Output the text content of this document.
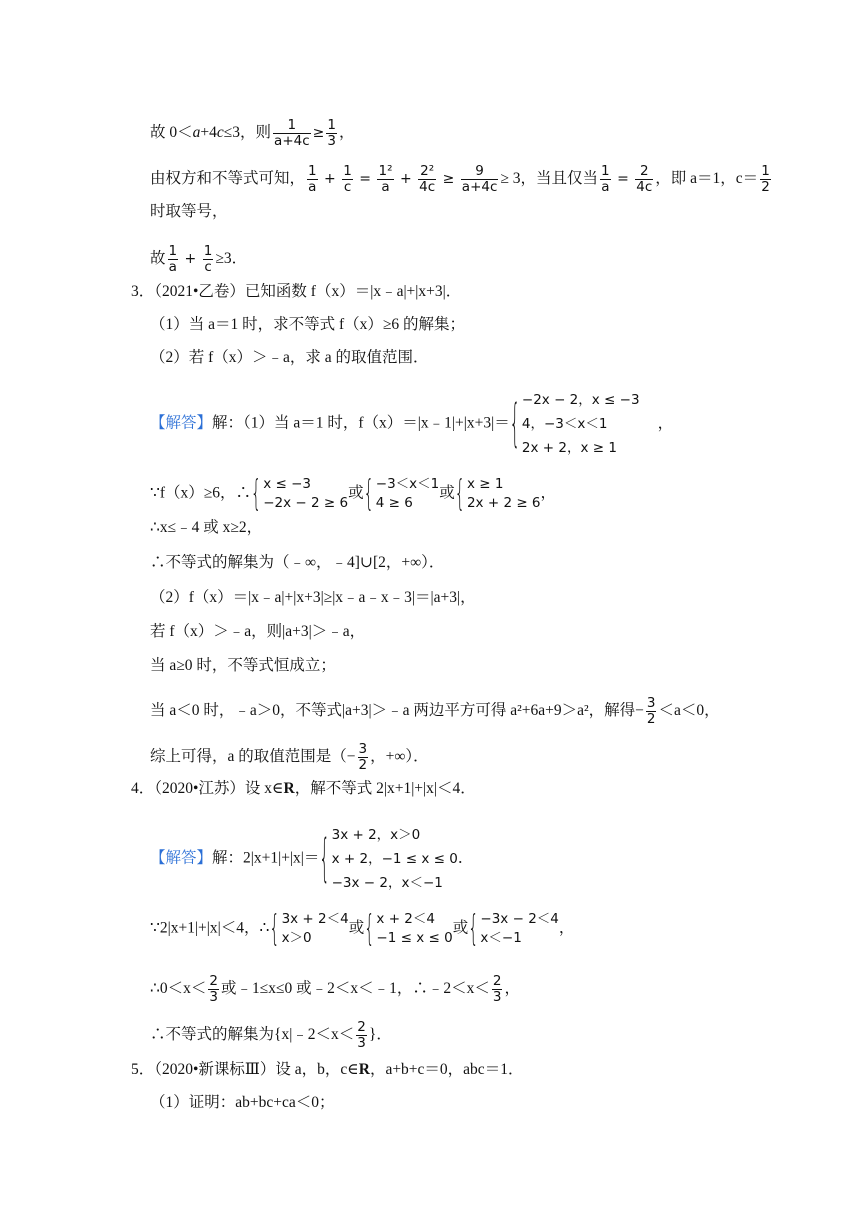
故 0＜a+4c≤3，则 $\frac{1}{a+4c} \ge \frac{1}{3}$ ，
由权方和不等式可知， $\frac{1}{a} + \frac{1}{c} = \frac{\text{1²}}{a} + \frac{\text{2²}}{4c} \ge \frac{9}{a+4c} \ge 3$，当且仅当 $\frac{1}{a} = \frac{2}{4c}$ ，即 a＝1，$c= \frac{1}{2}$
时取等号，
故 $\frac{1}{a} + \frac{1}{c} \ge 3$．
3．（2021•乙卷）已知函数 f（x）＝|x﹣a|+|x+3|．
（1）当 a＝1 时，求不等式 f（x）≥6 的解集；
（2）若 f（x）＞﹣a，求 a 的取值范围．
【解答】解：（1）当 a＝1 时，f（x）＝|x﹣1|+|x+3|＝{ −2x − 2，x ≤ −3
4，−3＜x＜1
2x + 2，x ≥ 1
，
∵f（x）≥6，∴{ x ≤ −3
−2x − 2 ≥ 6
或{ −3＜x＜1
4 ≥ 6
或{ x ≥ 1
2x + 2 ≥ 6
，
∴x≤﹣4 或 x≥2，
∴不等式的解集为（﹣∞，﹣4]∪[2，+∞）．
（2）f（x）＝|x﹣a|+|x+3|≥|x﹣a﹣x﹣3|＝|a+3|，
若 f（x）＞﹣a，则|a+3|＞﹣a，
当 a≥0 时，不等式恒成立；
当 a＜0 时，﹣a＞0，不等式|a+3|＞﹣a 两边平方可得 a²+6a+9＞a²，解得− $\frac{3}{2} <a<0$，
综上可得，a 的取值范围是（− $\frac{3}{2}$ ，+∞）．
4．（2020•江苏）设 x∈R，解不等式 2|x+1|+|x|＜4．
【解答】解：2|x+1|+|x|＝{ 3x + 2，x＞0
x + 2，−1 ≤ x ≤ 0
−3x − 2，x＜−1
．
∵2|x+1|+|x|＜4，∴{ 3x + 2＜4
x＞0
或{ x + 2＜4
−1 ≤ x ≤ 0
或{ −3x − 2＜4
x＜−1
，
∴0＜x＜ $\frac{2}{3}$ 或﹣1≤x≤0 或﹣2＜x＜﹣1，∴﹣2＜x＜ $\frac{2}{3}$ ，
∴不等式的解集为{x|﹣2＜x＜ $\frac{2}{3}$ }．
5．（2020•新课标Ⅲ）设 a，b，c∈R，a+b+c＝0，abc＝1．
（1）证明：ab+bc+ca＜0；
